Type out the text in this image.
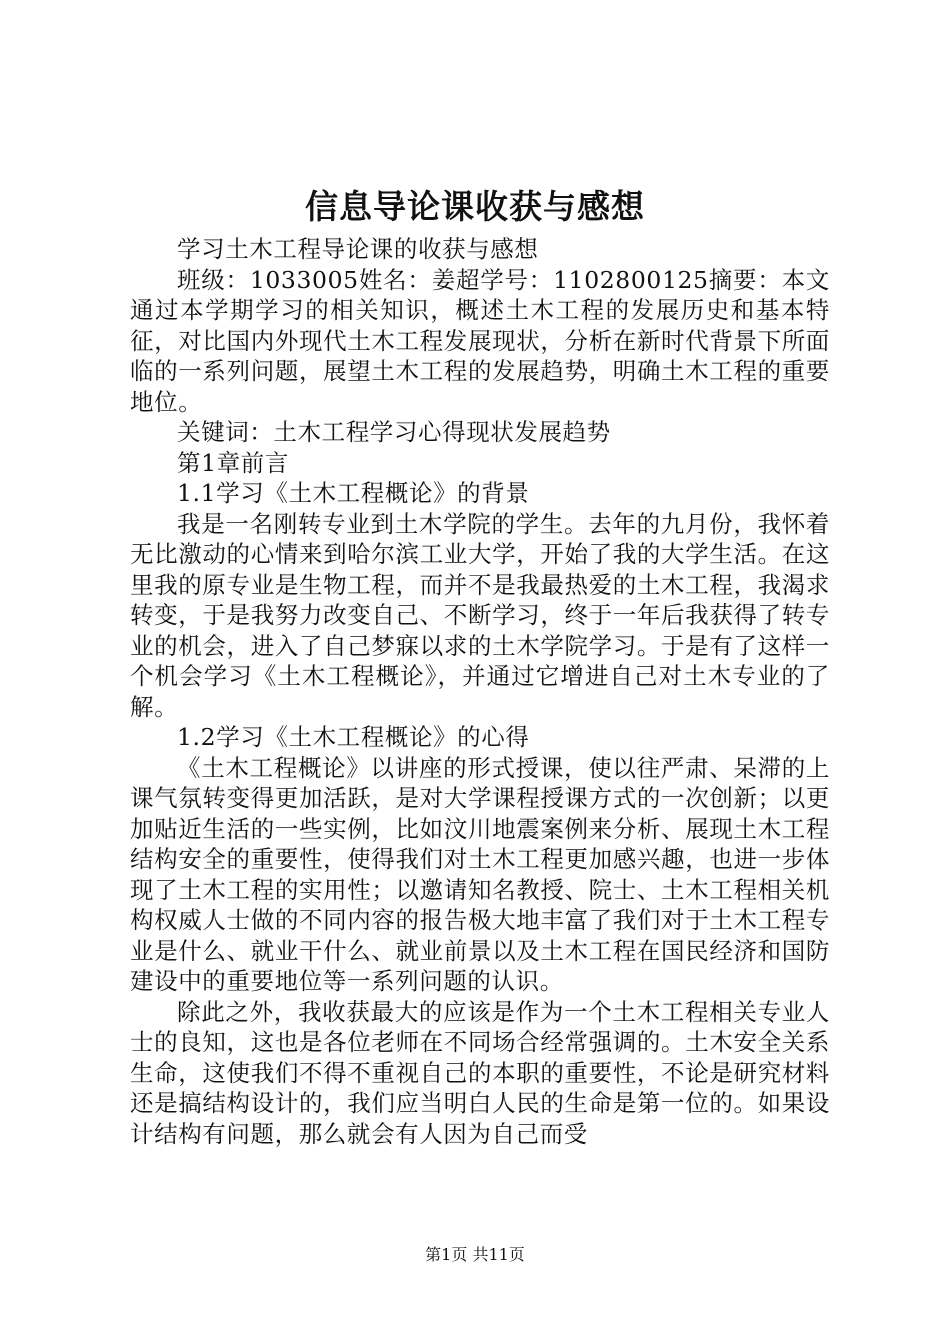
信息导论课收获与感想

学习土木工程导论课的收获与感想

班级：1033005姓名：姜超学号：1102800125摘要：本文通过本学期学习的相关知识，概述土木工程的发展历史和基本特征，对比国内外现代土木工程发展现状，分析在新时代背景下所面临的一系列问题，展望土木工程的发展趋势，明确土木工程的重要地位。

关键词：土木工程学习心得现状发展趋势

第1章前言

1.1学习《土木工程概论》的背景

我是一名刚转专业到土木学院的学生。去年的九月份，我怀着无比激动的心情来到哈尔滨工业大学，开始了我的大学生活。在这里我的原专业是生物工程，而并不是我最热爱的土木工程，我渴求转变，于是我努力改变自己、不断学习，终于一年后我获得了转专业的机会，进入了自己梦寐以求的土木学院学习。于是有了这样一个机会学习《土木工程概论》，并通过它增进自己对土木专业的了解。

1.2学习《土木工程概论》的心得

《土木工程概论》以讲座的形式授课，使以往严肃、呆滞的上课气氛转变得更加活跃，是对大学课程授课方式的一次创新；以更加贴近生活的一些实例，比如汶川地震案例来分析、展现土木工程结构安全的重要性，使得我们对土木工程更加感兴趣，也进一步体现了土木工程的实用性；以邀请知名教授、院士、土木工程相关机构权威人士做的不同内容的报告极大地丰富了我们对于土木工程专业是什么、就业干什么、就业前景以及土木工程在国民经济和国防建设中的重要地位等一系列问题的认识。

除此之外，我收获最大的应该是作为一个土木工程相关专业人士的良知，这也是各位老师在不同场合经常强调的。土木安全关系生命，这使我们不得不重视自己的本职的重要性，不论是研究材料还是搞结构设计的，我们应当明白人民的生命是第一位的。如果设计结构有问题，那么就会有人因为自己而受

第1页 共11页
